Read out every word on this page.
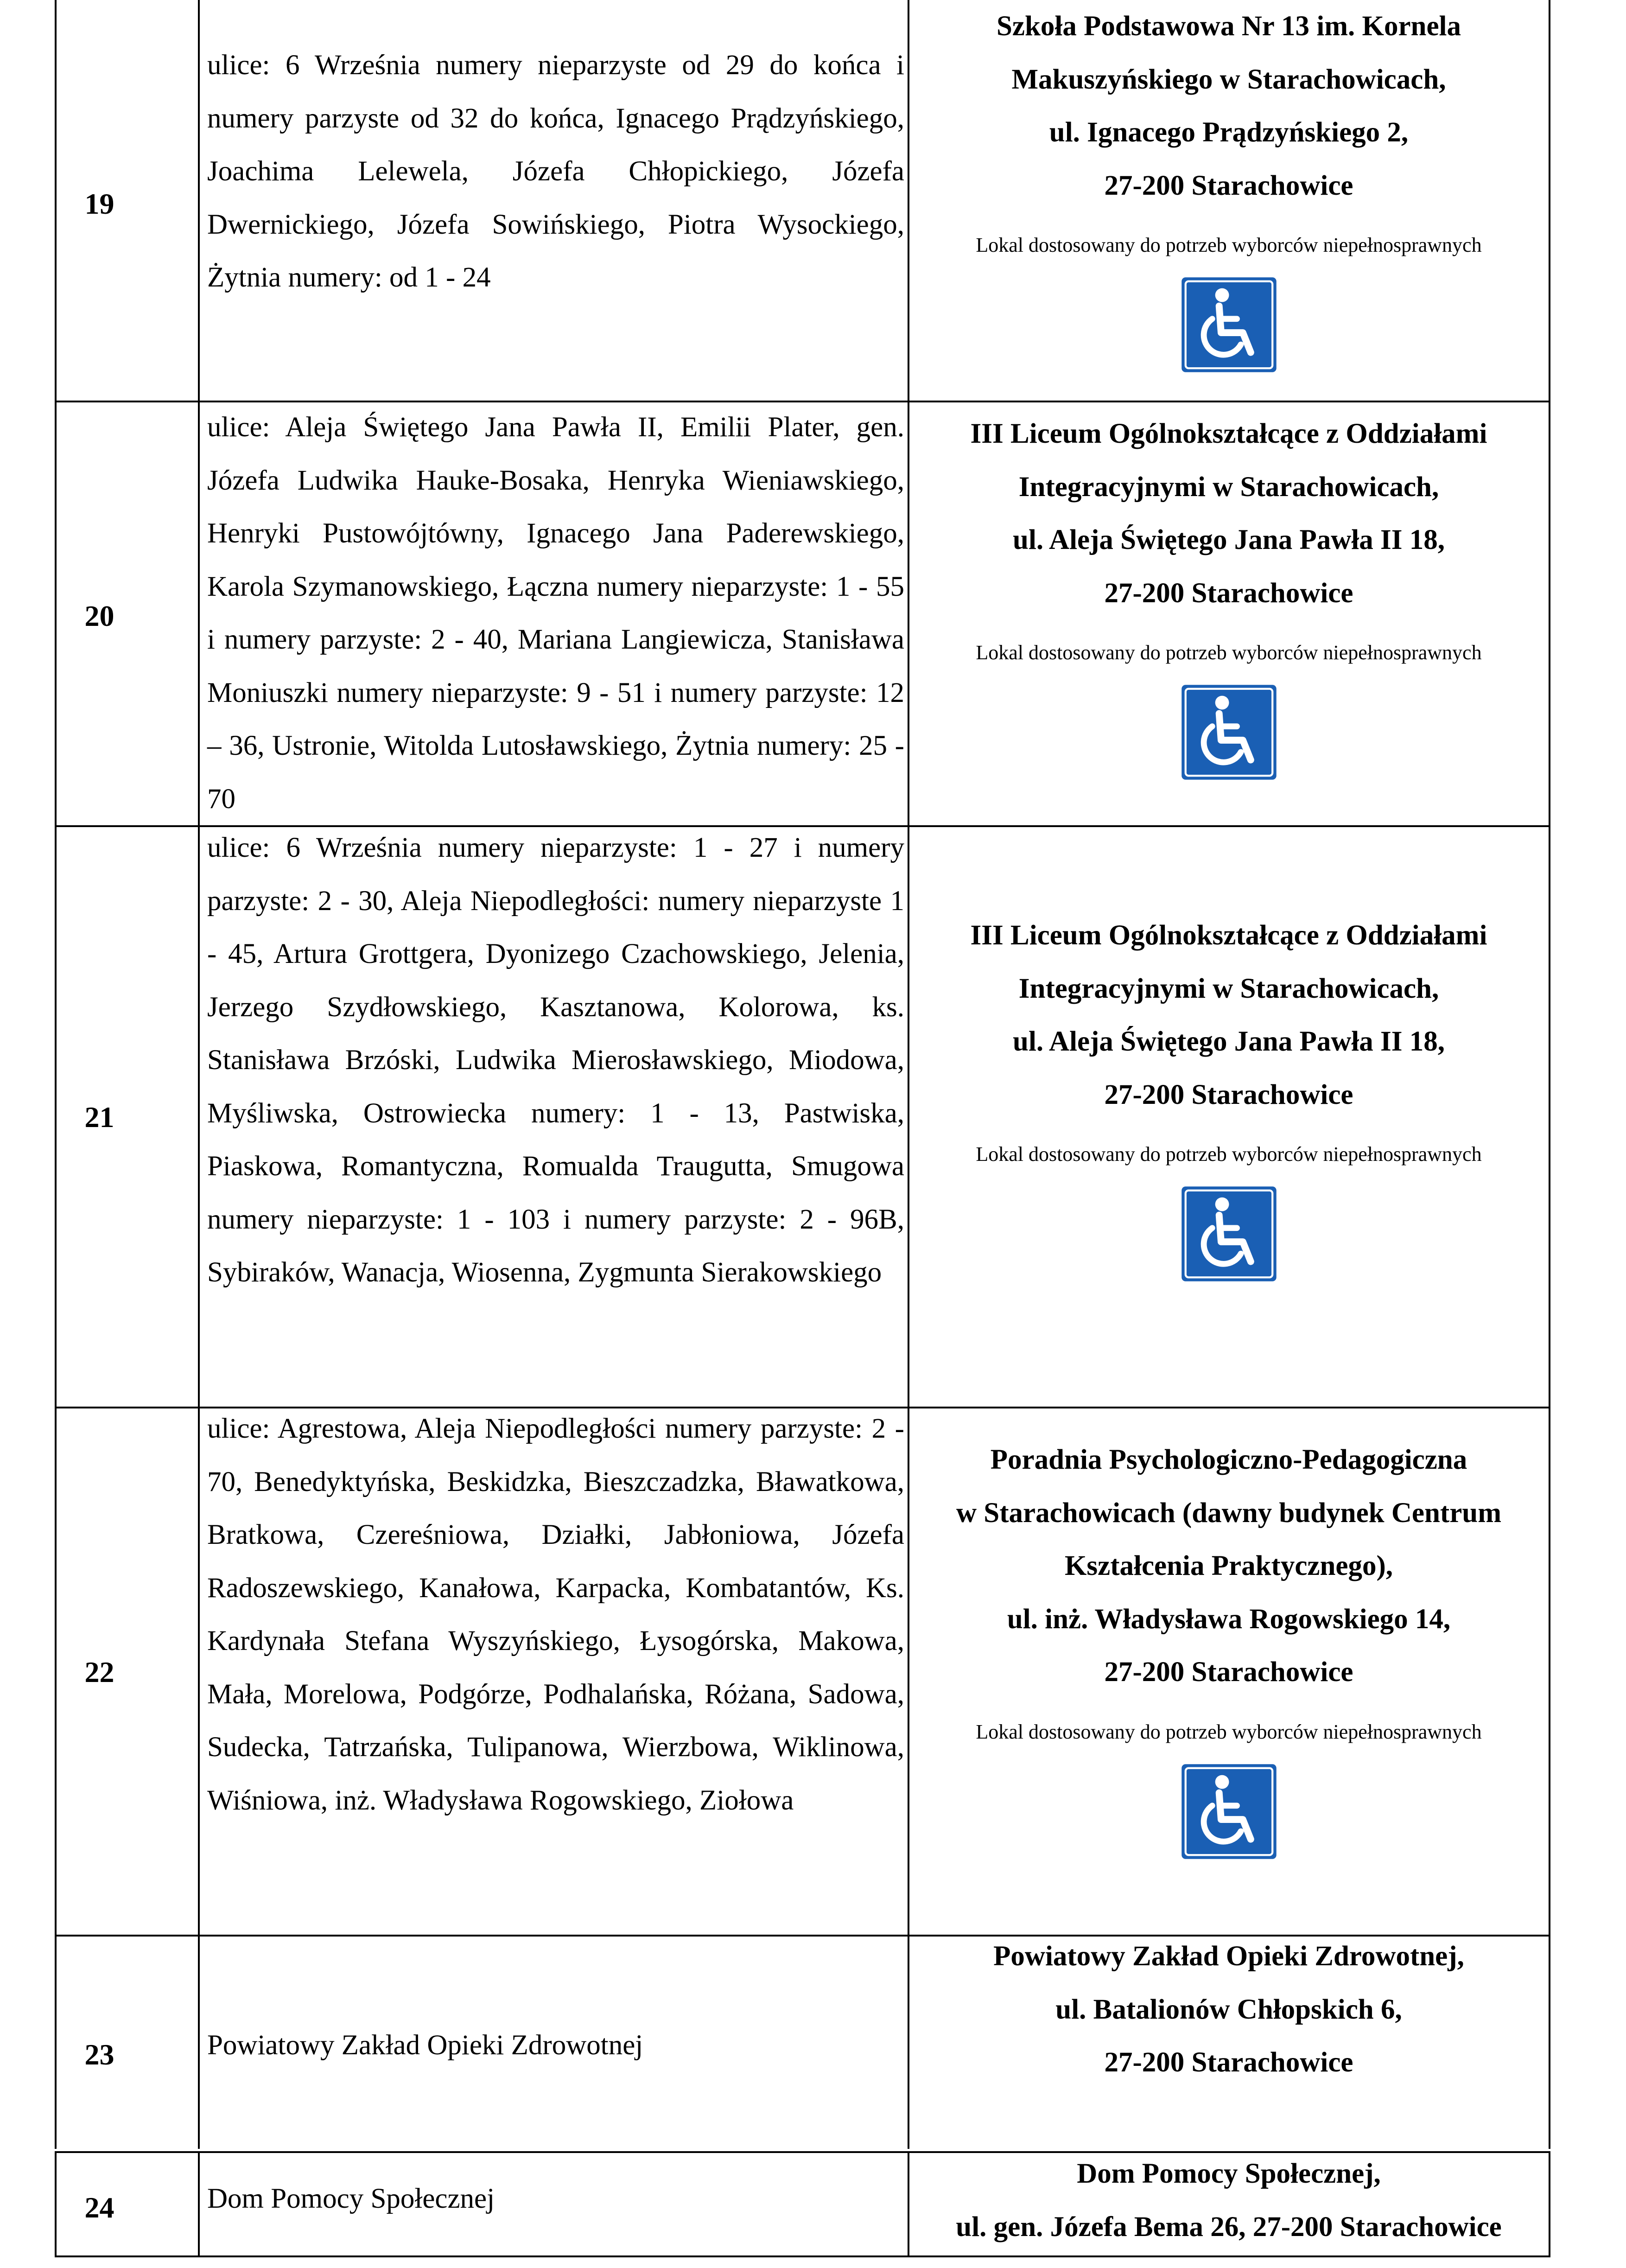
19

ulice: 6 Września numery nieparzyste od 29 do końca i numery parzyste od 32 do końca, Ignacego Prądzyńskiego, Joachima Lelewela, Józefa Chłopickiego, Józefa Dwernickiego, Józefa Sowińskiego, Piotra Wysockiego, Żytnia numery: od 1 - 24

Szkoła Podstawowa Nr 13 im. Kornela
Makuszyńskiego w Starachowicach,
ul. Ignacego Prądzyńskiego 2,
27-200 Starachowice
Lokal dostosowany do potrzeb wyborców niepełnosprawnych
20

ulice: Aleja Świętego Jana Pawła II, Emilii Plater, gen. Józefa Ludwika Hauke-Bosaka, Henryka Wieniawskiego, Henryki Pustowójtówny, Ignacego Jana Paderewskiego, Karola Szymanowskiego, Łączna numery nieparzyste: 1 - 55 i numery parzyste: 2 - 40, Mariana Langiewicza, Stanisława Moniuszki numery nieparzyste: 9 - 51 i numery parzyste: 12 – 36, Ustronie, Witolda Lutosławskiego, Żytnia numery: 25 - 70

III Liceum Ogólnokształcące z Oddziałami
Integracyjnymi w Starachowicach,
ul. Aleja Świętego Jana Pawła II 18,
27-200 Starachowice
Lokal dostosowany do potrzeb wyborców niepełnosprawnych
21

ulice: 6 Września numery nieparzyste: 1 - 27 i numery parzyste: 2 - 30, Aleja Niepodległości: numery nieparzyste 1 - 45, Artura Grottgera, Dyonizego Czachowskiego, Jelenia, Jerzego Szydłowskiego, Kasztanowa, Kolorowa, ks. Stanisława Brzóski, Ludwika Mierosławskiego, Miodowa, Myśliwska, Ostrowiecka numery: 1 - 13, Pastwiska, Piaskowa, Romantyczna, Romualda Traugutta, Smugowa numery nieparzyste: 1 - 103 i numery parzyste: 2 - 96B, Sybiraków, Wanacja, Wiosenna, Zygmunta Sierakowskiego

III Liceum Ogólnokształcące z Oddziałami
Integracyjnymi w Starachowicach,
ul. Aleja Świętego Jana Pawła II 18,
27-200 Starachowice
Lokal dostosowany do potrzeb wyborców niepełnosprawnych
22

ulice: Agrestowa, Aleja Niepodległości numery parzyste: 2 - 70, Benedyktyńska, Beskidzka, Bieszczadzka, Bławatkowa, Bratkowa, Czereśniowa, Działki, Jabłoniowa, Józefa Radoszewskiego, Kanałowa, Karpacka, Kombatantów, Ks. Kardynała Stefana Wyszyńskiego, Łysogórska, Makowa, Mała, Morelowa, Podgórze, Podhalańska, Różana, Sadowa, Sudecka, Tatrzańska, Tulipanowa, Wierzbowa, Wiklinowa, Wiśniowa, inż. Władysława Rogowskiego, Ziołowa

Poradnia Psychologiczno-Pedagogiczna
w Starachowicach (dawny budynek Centrum
Kształcenia Praktycznego),
ul. inż. Władysława Rogowskiego 14,
27-200 Starachowice
Lokal dostosowany do potrzeb wyborców niepełnosprawnych
23	Powiatowy Zakład Opieki Zdrowotnej
Powiatowy Zakład Opieki Zdrowotnej,
ul. Batalionów Chłopskich 6,
27-200 Starachowice
24	Dom Pomocy Społecznej
Dom Pomocy Społecznej,
ul. gen. Józefa Bema 26, 27-200 Starachowice
